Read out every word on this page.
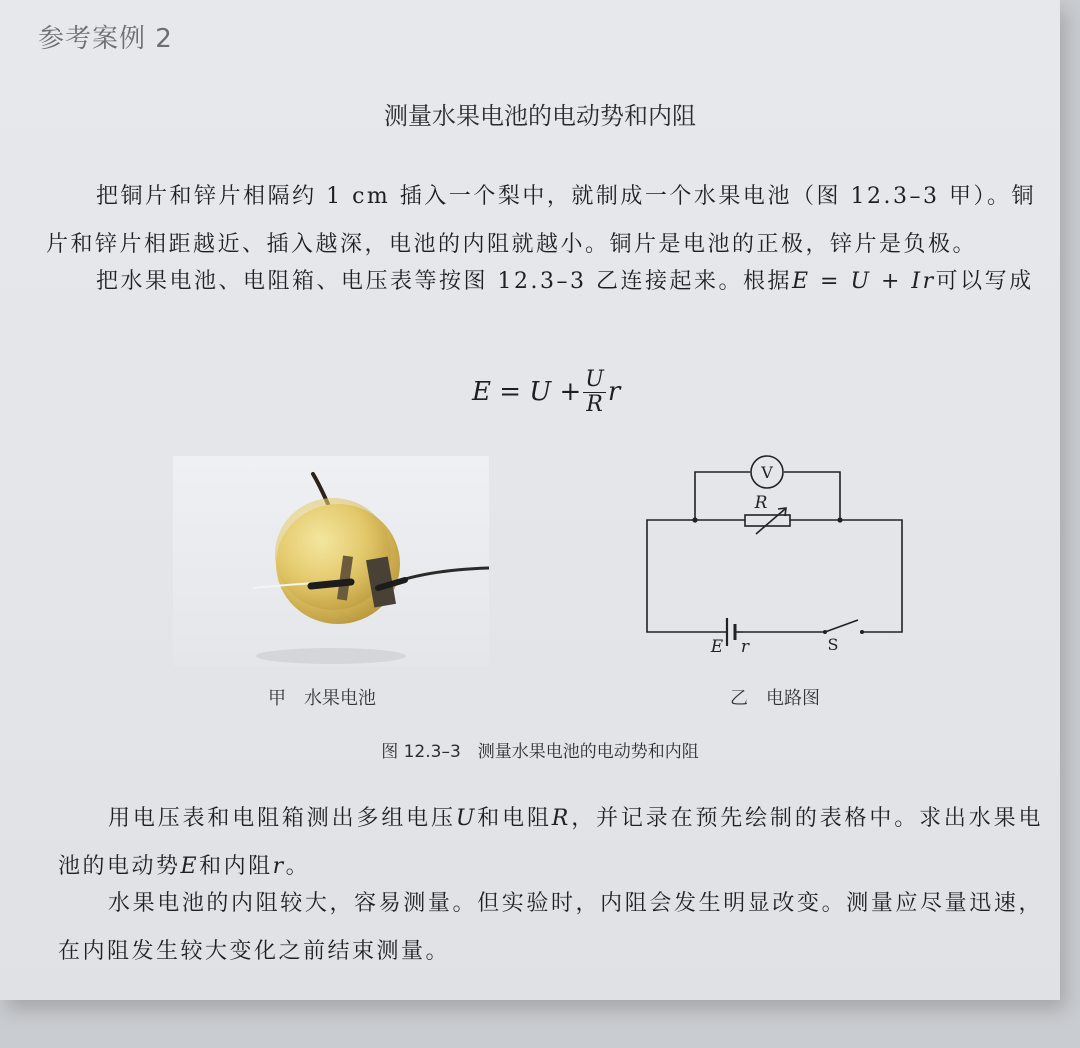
参考案例 2
测量水果电池的电动势和内阻

把铜片和锌片相隔约 1 cm 插入一个梨中，就制成一个水果电池（图 12.3–3 甲）。铜片和锌片相距越近、插入越深，电池的内阻就越小。铜片是电池的正极，锌片是负极。

把水果电池、电阻箱、电压表等按图 12.3–3 乙连接起来。根据E = U + Ir可以写成

$E = U + \frac{U}{R}$ r
V
R
E r	S
甲　水果电池	乙　电路图
图 12.3–3　测量水果电池的电动势和内阻

用电压表和电阻箱测出多组电压U和电阻R，并记录在预先绘制的表格中。求出水果电池的电动势E和内阻r。

水果电池的内阻较大，容易测量。但实验时，内阻会发生明显改变。测量应尽量迅速，在内阻发生较大变化之前结束测量。
